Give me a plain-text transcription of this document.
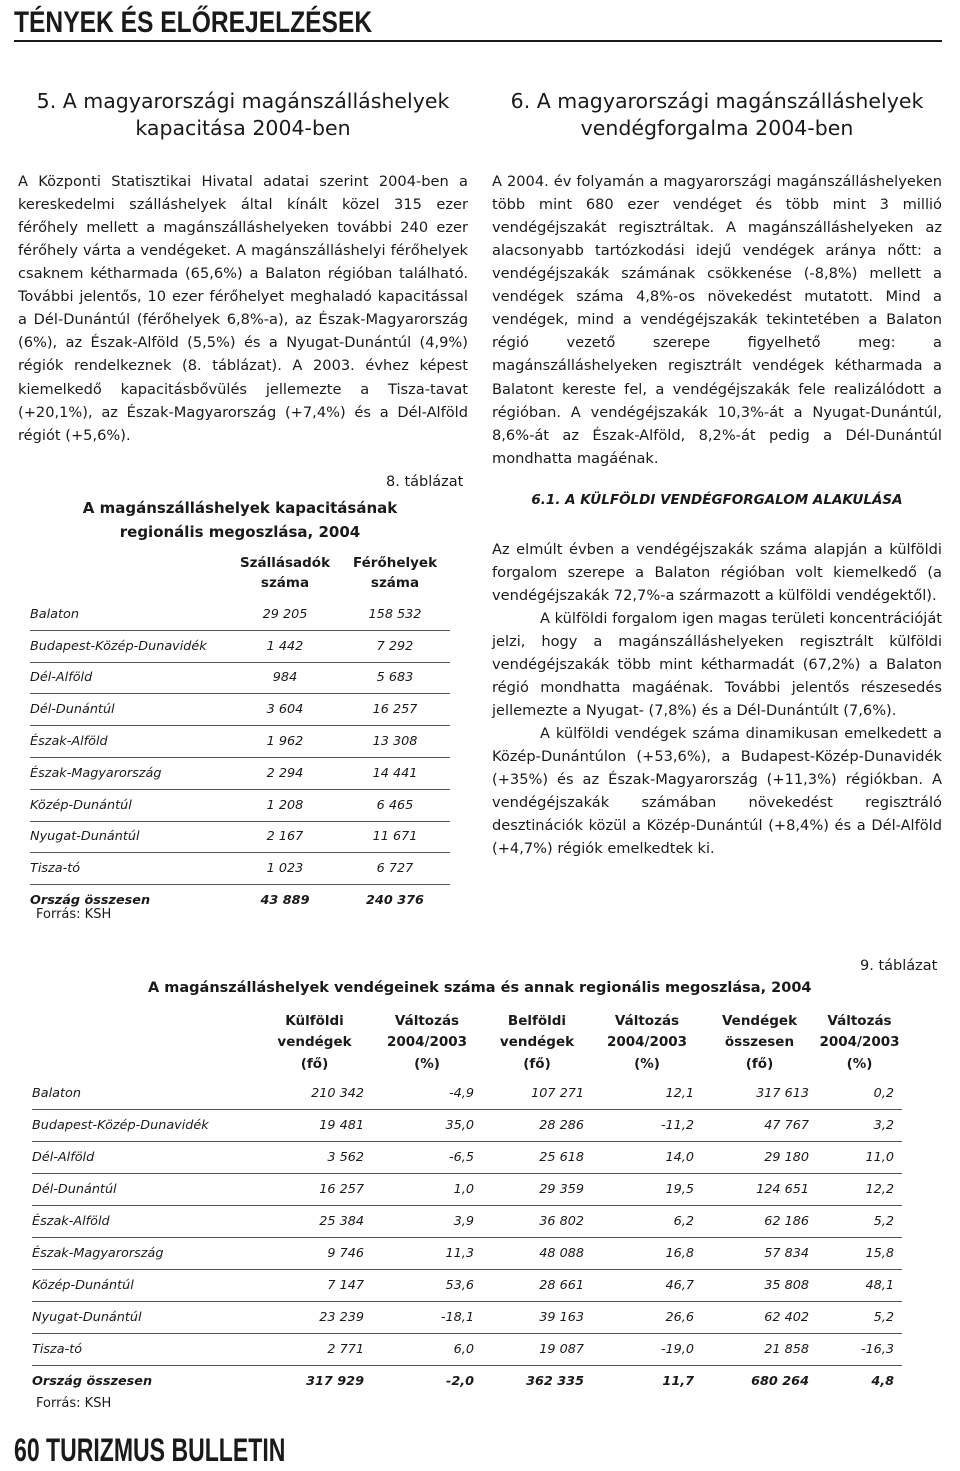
TÉNYEK ÉS ELŐREJELZÉSEK
5. A magyarországi magánszálláshelyek
kapacitása 2004-ben

A Központi Statisztikai Hivatal adatai szerint 2004-ben a kereskedelmi szálláshelyek által kínált közel 315 ezer férőhely mellett a magánszálláshelyeken további 240 ezer férőhely várta a vendégeket. A magánszálláshelyi férőhelyek csaknem kétharmada (65,6%) a Balaton régióban található. További jelentős, 10 ezer férőhelyet meghaladó kapacitással a Dél-Dunántúl (férőhelyek 6,8%-a), az Észak-Magyarország (6%), az Észak-Alföld (5,5%) és a Nyugat-Dunántúl (4,9%) régiók rendelkeznek (8. táblázat). A 2003. évhez képest kiemelkedő kapacitásbővülés jellemezte a Tisza-tavat (+20,1%), az Észak-Magyarország (+7,4%) és a Dél-Alföld régiót (+5,6%).

8. táblázat
A magánszálláshelyek kapacitásának
regionális megoszlása, 2004
	Szállásadók
száma	Férőhelyek
száma
Balaton	29 205	158 532
Budapest-Közép-Dunavidék	1 442	7 292
Dél-Alföld	984	5 683
Dél-Dunántúl	3 604	16 257
Észak-Alföld	1 962	13 308
Észak-Magyarország	2 294	14 441
Közép-Dunántúl	1 208	6 465
Nyugat-Dunántúl	2 167	11 671
Tisza-tó	1 023	6 727
Ország összesen	43 889	240 376
Forrás: KSH
6. A magyarországi magánszálláshelyek
vendégforgalma 2004-ben

A 2004. év folyamán a magyarországi magánszálláshelyeken több mint 680 ezer vendéget és több mint 3 millió vendégéjszakát regisztráltak. A magánszálláshelyeken az alacsonyabb tartózkodási idejű vendégek aránya nőtt: a vendégéjszakák számának csökkenése (-8,8%) mellett a vendégek száma 4,8%-os növekedést mutatott. Mind a vendégek, mind a vendégéjszakák tekintetében a Balaton régió vezető szerepe figyelhető meg: a magánszálláshelyeken regisztrált vendégek kétharmada a Balatont kereste fel, a vendégéjszakák fele realizálódott a régióban. A vendégéjszakák 10,3%-át a Nyugat-Dunántúl, 8,6%-át az Észak-Alföld, 8,2%-át pedig a Dél-Dunántúl mondhatta magáénak.

6.1. A KÜLFÖLDI VENDÉGFORGALOM ALAKULÁSA

Az elmúlt évben a vendégéjszakák száma alapján a külföldi forgalom szerepe a Balaton régióban volt kiemelkedő (a vendégéjszakák 72,7%-a származott a külföldi vendégektől).

A külföldi forgalom igen magas területi koncentrációját jelzi, hogy a magánszálláshelyeken regisztrált külföldi vendégéjszakák több mint kétharmadát (67,2%) a Balaton régió mondhatta magáénak. További jelentős részesedés jellemezte a Nyugat- (7,8%) és a Dél-Dunántúlt (7,6%).

A külföldi vendégek száma dinamikusan emelkedett a Közép-Dunántúlon (+53,6%), a Budapest-Közép-Dunavidék (+35%) és az Észak-Magyarország (+11,3%) régiókban. A vendégéjszakák számában növekedést regisztráló desztinációk közül a Közép-Dunántúl (+8,4%) és a Dél-Alföld (+4,7%) régiók emelkedtek ki.

9. táblázat
A magánszálláshelyek vendégeinek száma és annak regionális megoszlása, 2004
	Külföldi
vendégek
(fő)	Változás
2004/2003
(%)	Belföldi
vendégek
(fő)	Változás
2004/2003
(%)	Vendégek
összesen
(fő)	Változás
2004/2003
(%)
Balaton	210 342	-4,9	107 271	12,1	317 613	0,2
Budapest-Közép-Dunavidék	19 481	35,0	28 286	-11,2	47 767	3,2
Dél-Alföld	3 562	-6,5	25 618	14,0	29 180	11,0
Dél-Dunántúl	16 257	1,0	29 359	19,5	124 651	12,2
Észak-Alföld	25 384	3,9	36 802	6,2	62 186	5,2
Észak-Magyarország	9 746	11,3	48 088	16,8	57 834	15,8
Közép-Dunántúl	7 147	53,6	28 661	46,7	35 808	48,1
Nyugat-Dunántúl	23 239	-18,1	39 163	26,6	62 402	5,2
Tisza-tó	2 771	6,0	19 087	-19,0	21 858	-16,3
Ország összesen	317 929	-2,0	362 335	11,7	680 264	4,8
Forrás: KSH
60 TURIZMUS BULLETIN
